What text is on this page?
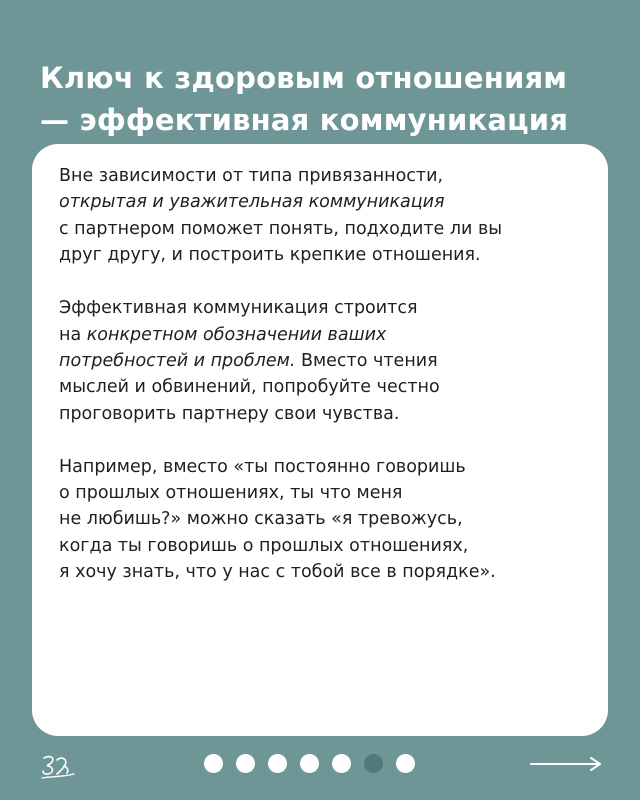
Ключ к здоровым отношениям
— эффективная коммуникация

Вне зависимости от типа привязанности,
открытая и уважительная коммуникация
с партнером поможет понять, подходите ли вы
друг другу, и построить крепкие отношения.

Эффективная коммуникация строится
на конкретном обозначении ваших
потребностей и проблем. Вместо чтения
мыслей и обвинений, попробуйте честно
проговорить партнеру свои чувства.

Например, вместо «ты постоянно говоришь
о прошлых отношениях, ты что меня
не любишь?» можно сказать «я тревожусь,
когда ты говоришь о прошлых отношениях,
я хочу знать, что у нас с тобой все в порядке».
